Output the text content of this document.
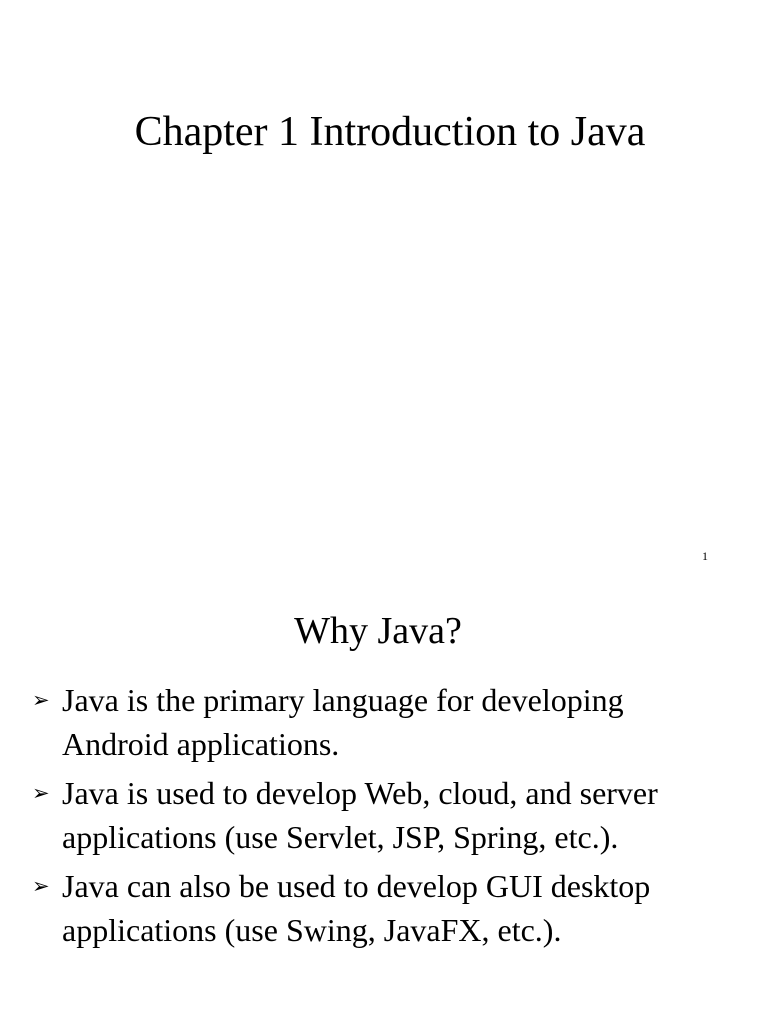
Chapter 1 Introduction to Java
1
Why Java?
➢ Java is the primary language for developing Android applications.
➢ Java is used to develop Web, cloud, and server applications (use Servlet, JSP, Spring, etc.).
➢ Java can also be used to develop GUI desktop applications (use Swing, JavaFX, etc.).
